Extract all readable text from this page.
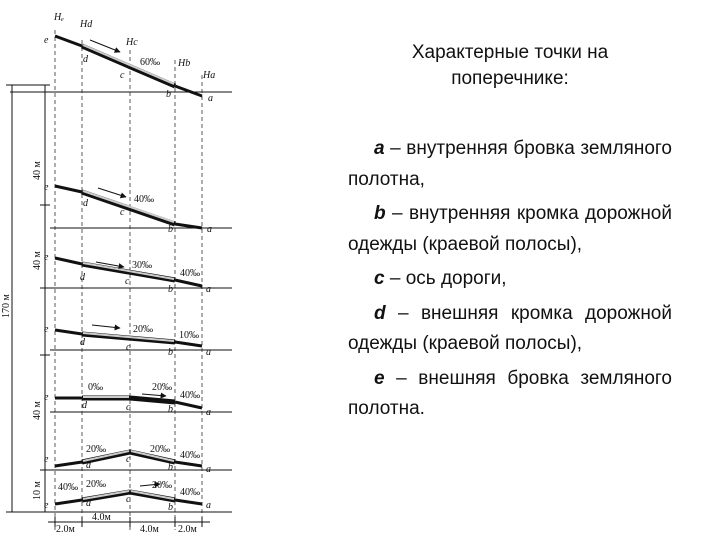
Hₑ
Hd
Hc
Hb
Ha
e
d
c
b	a
60‰
e
d
c
b	a
40‰
e
d	c
b	a
30‰
40‰
e
d	c	b	a
20‰
10‰
e
d	c	b	a
0‰	20‰
40‰
e
d
c
b	a
20‰	20‰
40‰
e	d	c
b	a
40‰ 20‰	20‰
40‰
40 м
40 м
40 м
10 м
170 м
2.0м
4.0м
4.0м 2.0м
Характерные точки на
поперечнике:

a – внутренняя бровка земляного полотна,

b – внутренняя кромка дорожной одежды (краевой полосы),

c – ось дороги,

d – внешняя кромка дорожной одежды (краевой полосы),

e – внешняя бровка земляного полотна.
